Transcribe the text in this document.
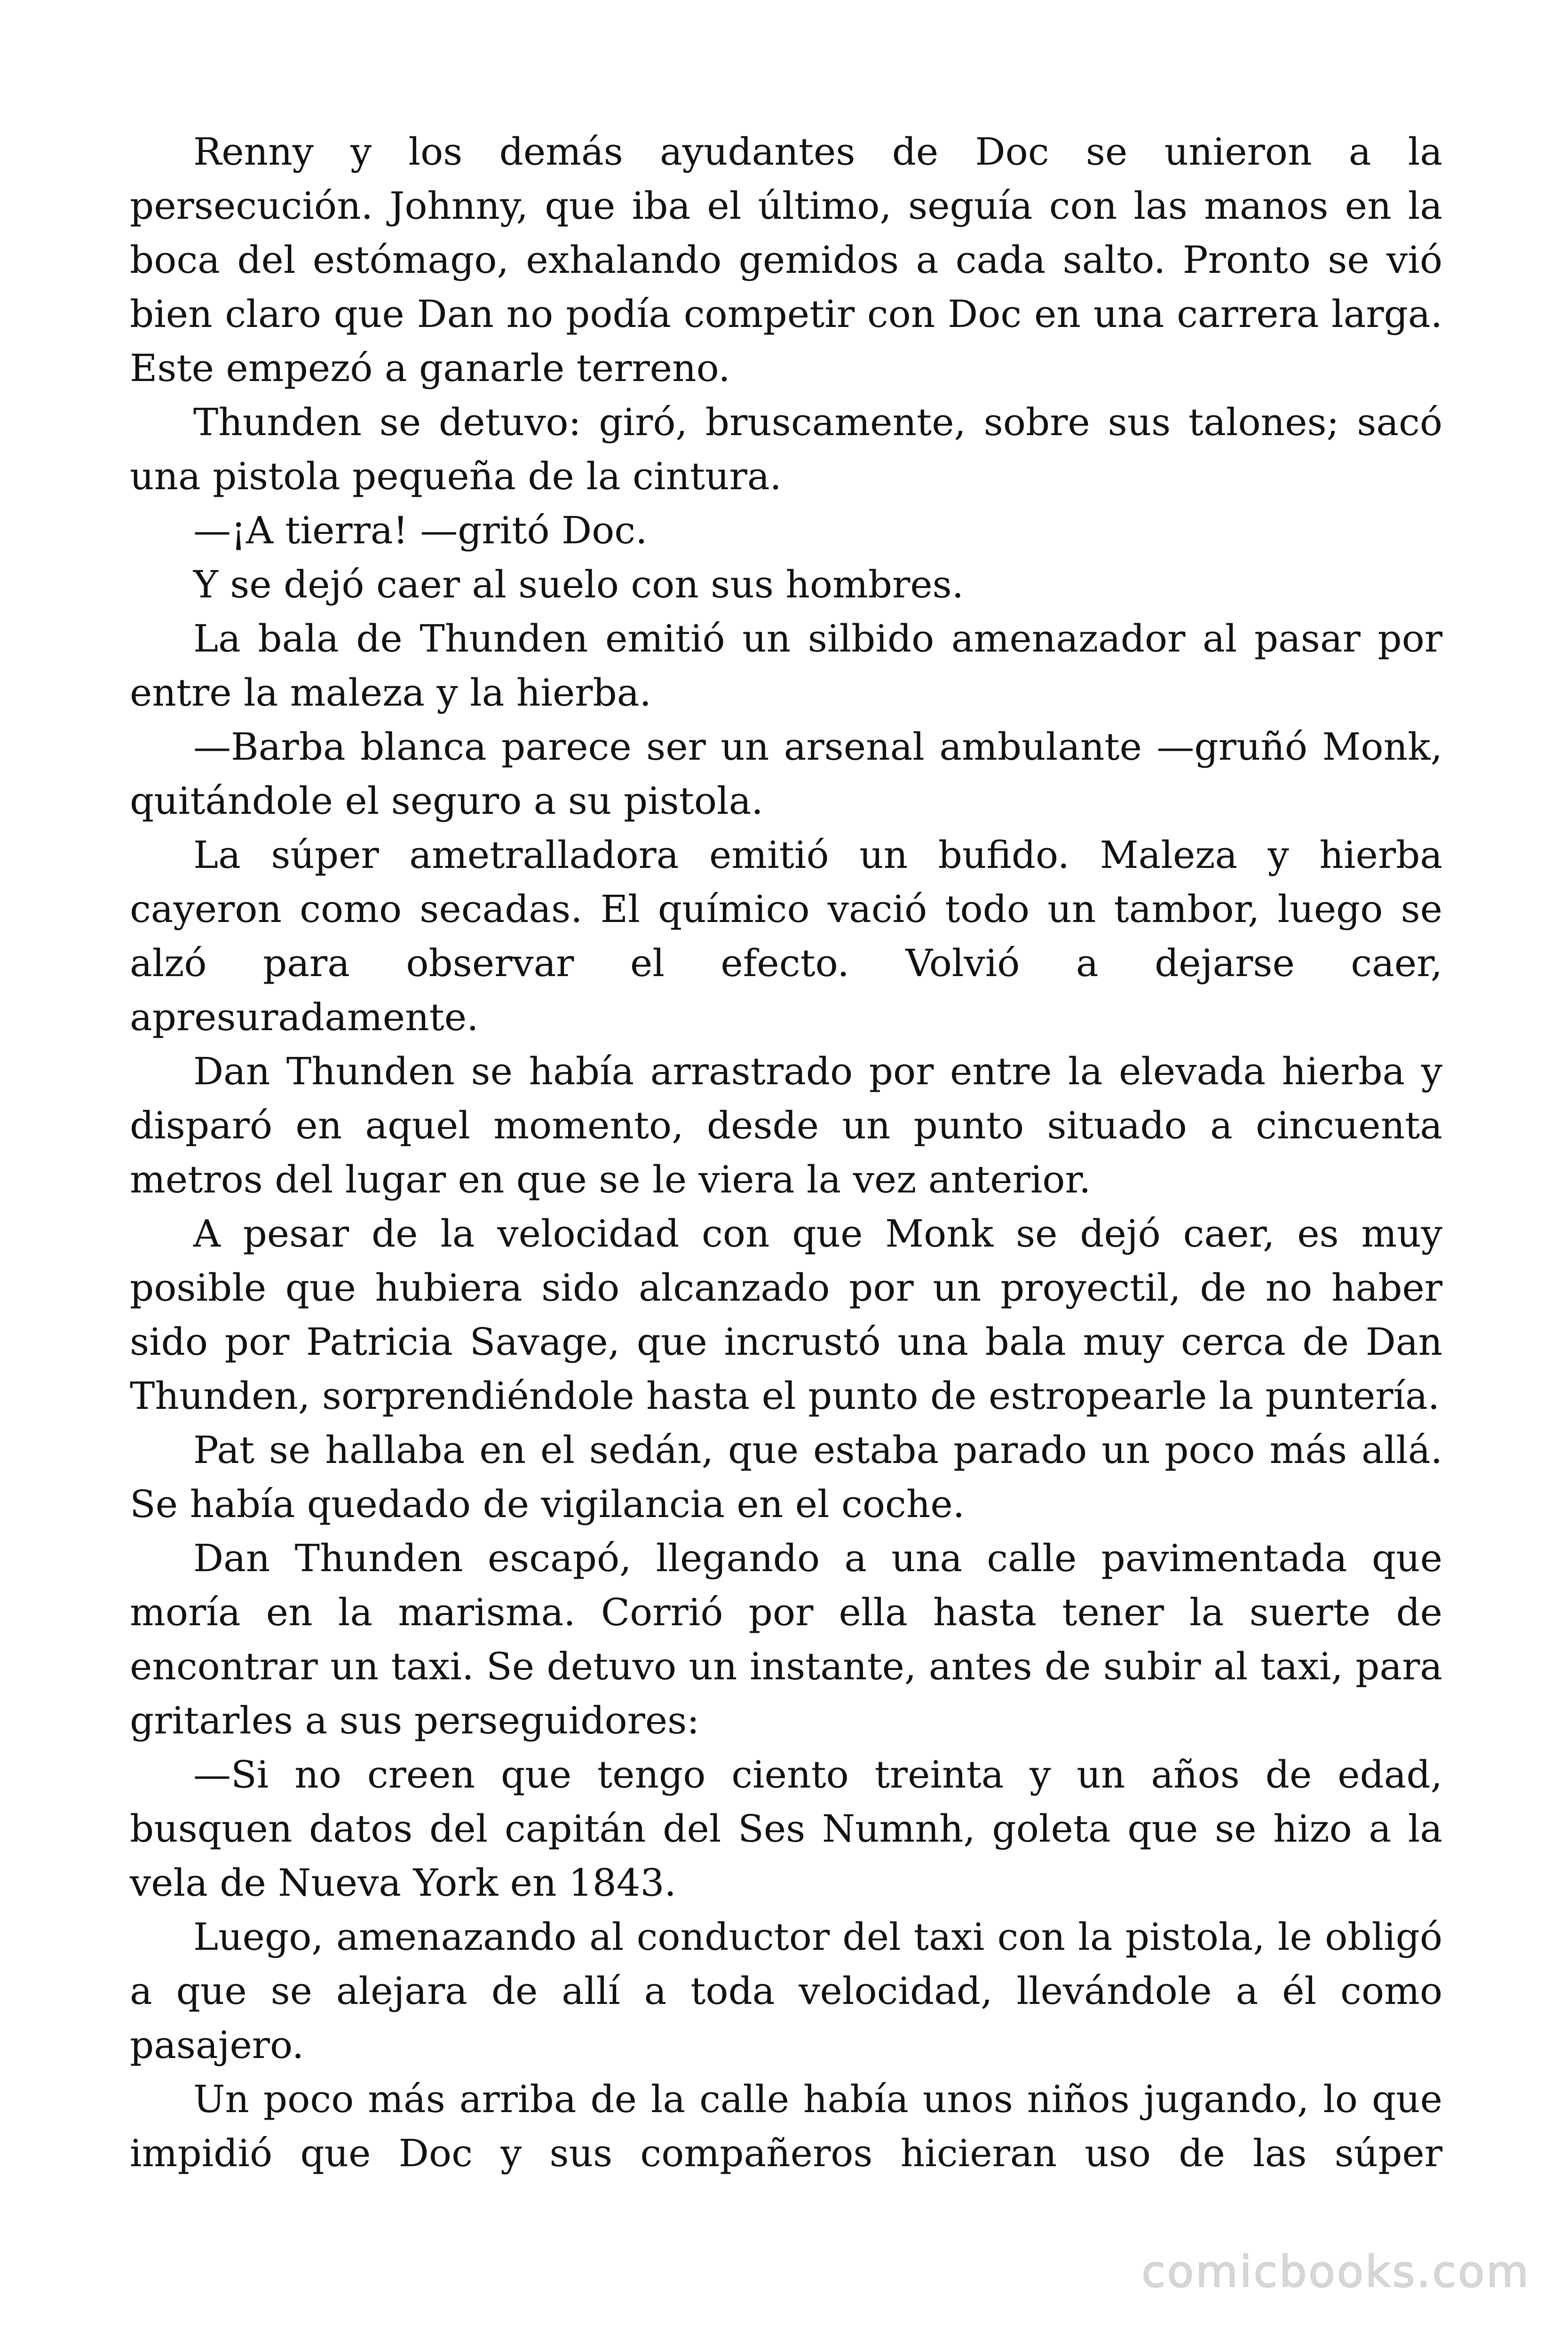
Renny y los demás ayudantes de Doc se unieron a la persecución. Johnny, que iba el último, seguía con las manos en la boca del estómago, exhalando gemidos a cada salto. Pronto se vió bien claro que Dan no podía competir con Doc en una carrera larga. Este empezó a ganarle terreno.

Thunden se detuvo: giró, bruscamente, sobre sus talones; sacó una pistola pequeña de la cintura.

—¡A tierra! —gritó Doc.

Y se dejó caer al suelo con sus hombres.

La bala de Thunden emitió un silbido amenazador al pasar por entre la maleza y la hierba.

—Barba blanca parece ser un arsenal ambulante —gruñó Monk, quitándole el seguro a su pistola.

La súper ametralladora emitió un bufido. Maleza y hierba cayeron como secadas. El químico vació todo un tambor, luego se alzó para observar el efecto. Volvió a dejarse caer, apresuradamente.

Dan Thunden se había arrastrado por entre la elevada hierba y disparó en aquel momento, desde un punto situado a cincuenta metros del lugar en que se le viera la vez anterior.

A pesar de la velocidad con que Monk se dejó caer, es muy posible que hubiera sido alcanzado por un proyectil, de no haber sido por Patricia Savage, que incrustó una bala muy cerca de Dan Thunden, sorprendiéndole hasta el punto de estropearle la puntería.

Pat se hallaba en el sedán, que estaba parado un poco más allá. Se había quedado de vigilancia en el coche.

Dan Thunden escapó, llegando a una calle pavimentada que moría en la marisma. Corrió por ella hasta tener la suerte de encontrar un taxi. Se detuvo un instante, antes de subir al taxi, para gritarles a sus perseguidores:

—Si no creen que tengo ciento treinta y un años de edad, busquen datos del capitán del Ses Numnh, goleta que se hizo a la vela de Nueva York en 1843.

Luego, amenazando al conductor del taxi con la pistola, le obligó a que se alejara de allí a toda velocidad, llevándole a él como pasajero.

Un poco más arriba de la calle había unos niños jugando, lo que impidió que Doc y sus compañeros hicieran uso de las súper

comicbooks.com
